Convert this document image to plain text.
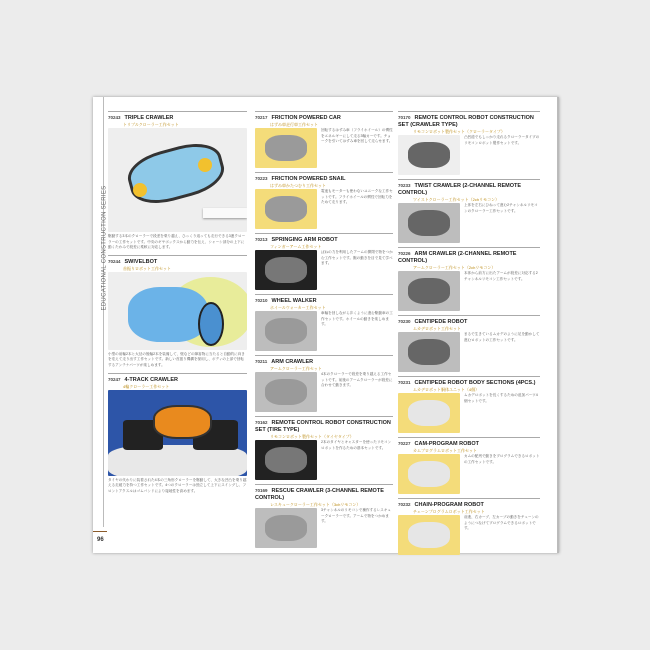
EDUCATIONAL CONSTRUCTION SERIES
96
70243 TRIPLE CRAWLER
トリプルクローラー工作セット
駆動する3本のクローラーで段差を乗り越え、ひっくり返っても走行できる3連クローラーの工作セットです。中央のギヤボックスから動力を伝え、シャーシ部分の上下に動くたわみで段差に柔軟に対応します。
70244 SWIVELBOT
首振りロボット工作セット
小型の前輪2本と大径の後輪2本を装備して、壁などの障害物に当たると自動的に向きを変えて走り出す工作セットです。新しい首振り機構を採用し、ボディの上部で回転するアンテナパーツが楽しめます。
70247 4-TRACK CRAWLER
4輪クローラー工作セット
タイヤの代わりに装着された4本の三角形クローラーを駆動して、大きな凹凸を乗り越える走破力を持つ工作セットです。4つのクローラーは独立して上下にスイングし、フロントアクスルはゴムバンドにより接地性を高めます。
70217 FRICTION POWERED CAR
はずみ車走行車工作セット
回転するはずみ車（フライホイール）の慣性をエネルギーにして走る3輪カーです。チョークを引いてはずみ車を回して走らせます。
70223 FRICTION POWERED SNAIL
はずみ車かたつむり工作セット
電池もモーターも使わないユニークな工作セットです。フライホイールの慣性で回転力をためて走ります。
70213 SPRINGING ARM ROBOT
フィンガーアーム工作セット
ばねの力を利用したアームの開閉で物をつかむ工作セットです。腕の動きを目で見て学べます。
70210 WHEEL WALKER
ホイールウォーカー工作セット
車輪を回しながら歩くように進む駆動車の工作セットです。ホイールの動きを楽しめます。
70211 ARM CRAWLER
アームクローラー工作セット
4本のクローラーで段差を乗り越える工作セットです。前後のアームクローラーが段差に合わせて動きます。
70162 REMOTE CONTROL ROBOT CONSTRUCTION SET (TIRE TYPE)
リモコンロボット製作セット（タイヤタイプ）
2本のタイヤとキャスターを使ったリモコンロボットを作るための基本セットです。
70169 RESCUE CRAWLER (3-CHANNEL REMOTE CONTROL)
レスキュークローラー工作セット（3chリモコン）
3チャンネルのリモコンで操作するレスキュークローラーです。アームで物をつかめます。
70170 REMOTE CONTROL ROBOT CONSTRUCTION SET (CRAWLER TYPE)
リモコンロボット製作セット（クローラータイプ）
凸凹道でもしっかり走れるクローラータイプのリモコンロボット製作セットです。
70233 TWIST CRAWLER (2-CHANNEL REMOTE CONTROL)
ツイストクローラー工作セット（2chリモコン）
上体を左右にひねって進む2チャンネルリモコンのクローラー工作セットです。
70226 ARM CRAWLER (2-CHANNEL REMOTE CONTROL)
アームクローラー工作セット（2chリモコン）
本体から前方に出たアームが段差に対応する2チャンネルリモコン工作セットです。
70230 CENTIPEDE ROBOT
ムカデロボット工作セット
まるで生きているムカデのように足を動かして進むロボットの工作セットです。
70231 CENTIPEDE ROBOT BODY SECTIONS (4PCS.)
ムカデロボット胴体ユニット（4個）
ムカデロボットを長くするための追加パーツ4個セットです。
70227 CAM-PROGRAM ROBOT
カムプログラムロボット工作セット
カムの配列で動きをプログラムできるロボットの工作セットです。
70232 CHAIN-PROGRAM ROBOT
チェーンプログラムロボット工作セット
前進、右カーブ、左カーブの動きをチェーンのようにつなげてプログラムできるロボットです。
